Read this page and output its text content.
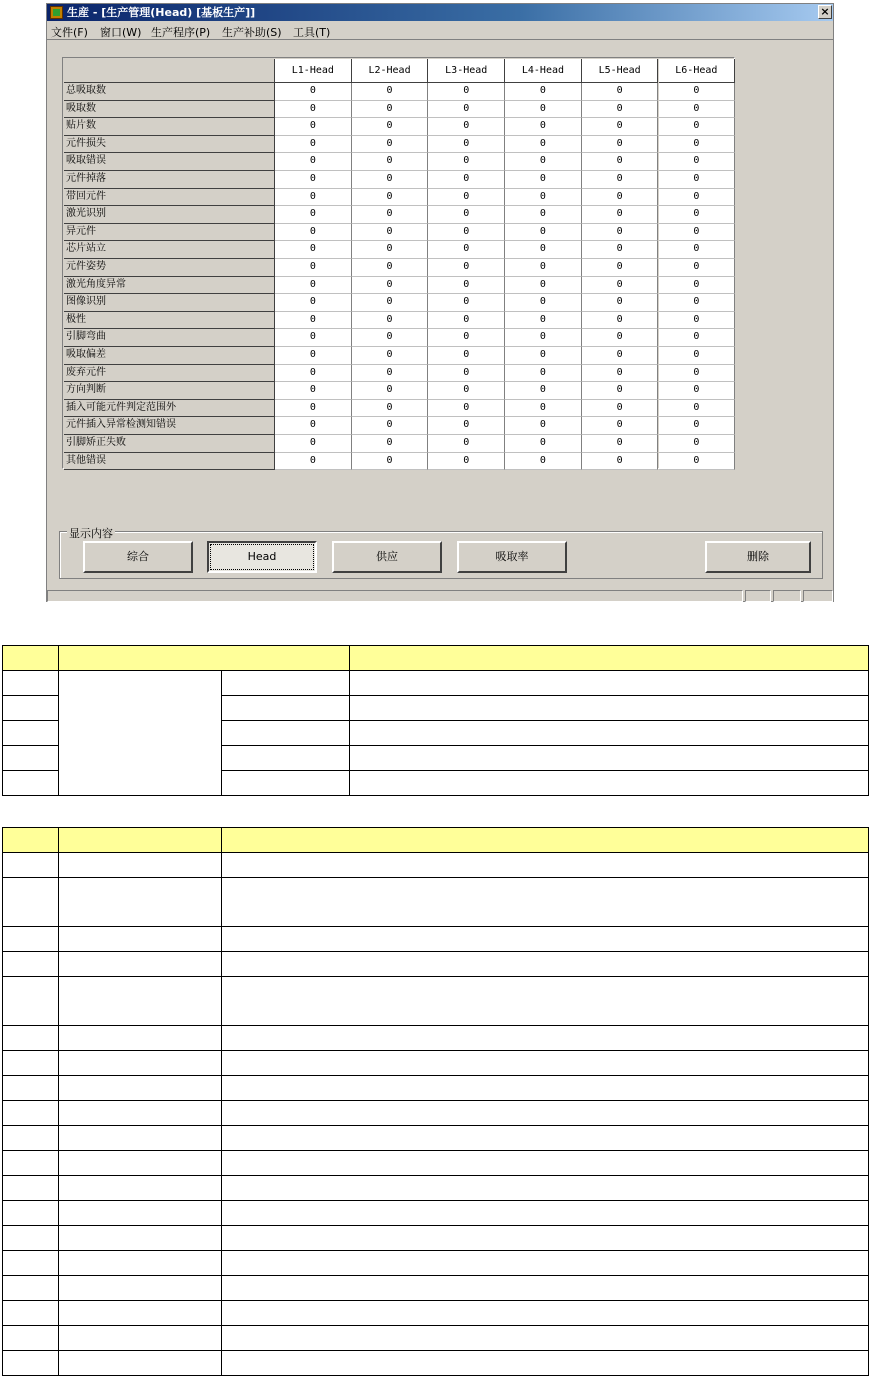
生産 - [生产管理(Head) [基板生产]]	×
文件(F) 窗口(W) 生产程序(P) 生产补助(S) 工具(T)
L1-Head	L2-Head	L3-Head	L4-Head	L5-Head	L6-Head
总吸取数	0	0	0	0	0	0
吸取数	0	0	0	0	0	0
贴片数	0	0	0	0	0	0
元件损失	0	0	0	0	0	0
吸取错误	0	0	0	0	0	0
元件掉落	0	0	0	0	0	0
带回元件	0	0	0	0	0	0
激光识别	0	0	0	0	0	0
异元件	0	0	0	0	0	0
芯片站立	0	0	0	0	0	0
元件姿势	0	0	0	0	0	0
激光角度异常	0	0	0	0	0	0
图像识别	0	0	0	0	0	0
极性	0	0	0	0	0	0
引脚弯曲	0	0	0	0	0	0
吸取偏差	0	0	0	0	0	0
废弃元件	0	0	0	0	0	0
方向判断	0	0	0	0	0	0
插入可能元件判定范围外	0	0	0	0	0	0
元件插入异常检测知错误	0	0	0	0	0	0
引脚矫正失败	0	0	0	0	0	0
其他错误	0	0	0	0	0	0
显示内容
综合	Head	供应	吸取率	删除
